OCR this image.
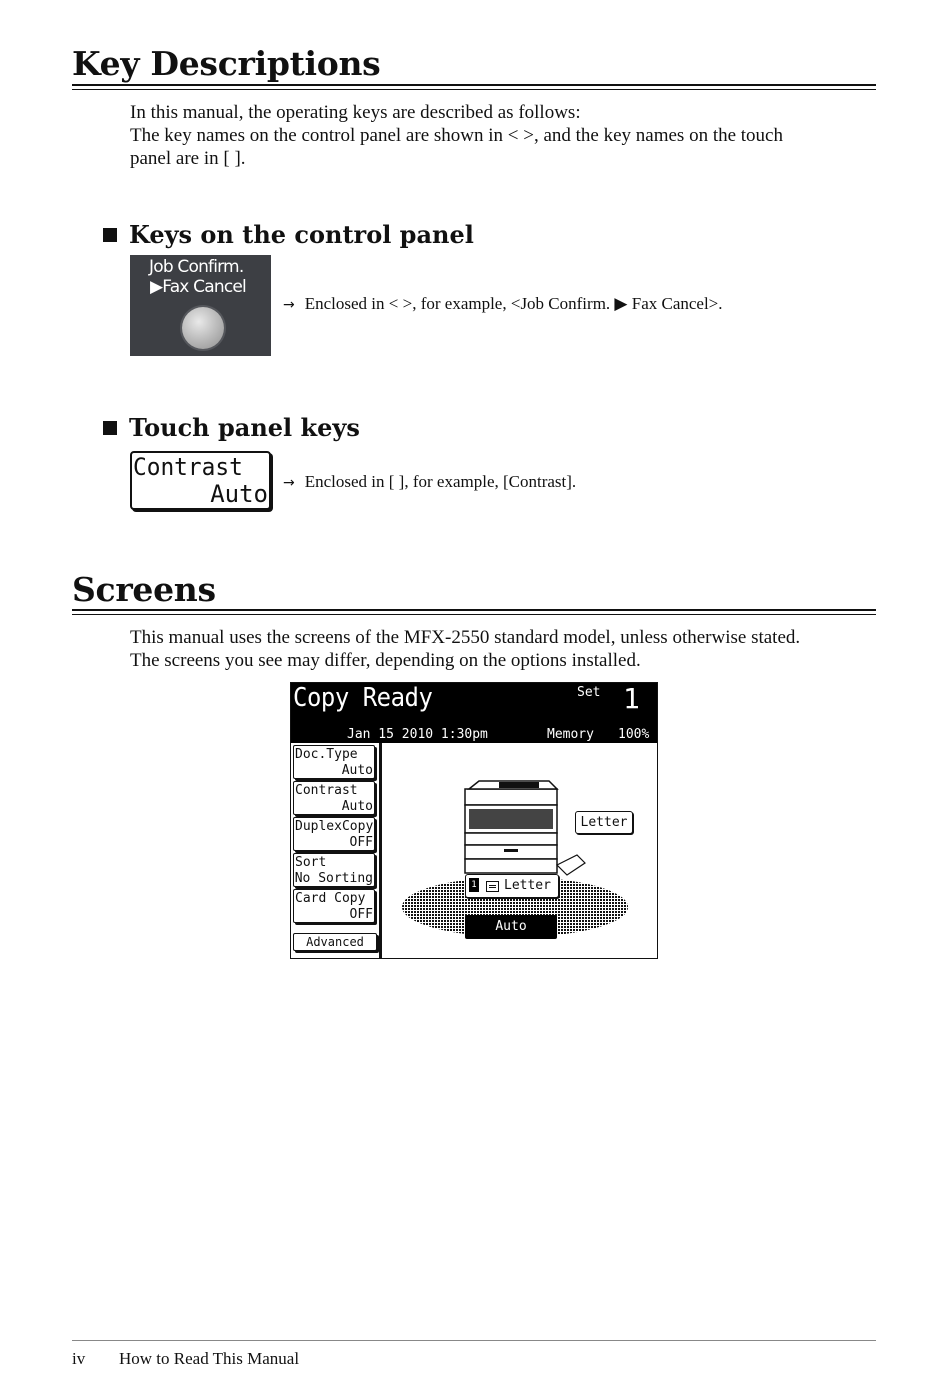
Key Descriptions
In this manual, the operating keys are described as follows:
The key names on the control panel are shown in < >, and the key names on the touch
panel are in [ ].
Keys on the control panel
Job Confirm.
▶Fax Cancel
→ Enclosed in < >, for example, <Job Confirm. ▶ Fax Cancel>.
Touch panel keys
Contrast
Auto → Enclosed in [ ], for example, [Contrast].
Screens
This manual uses the screens of the MFX-2550 standard model, unless otherwise stated.
The screens you see may differ, depending on the options installed.
Copy Ready	Set 1
Jan 15 2010 1:30pm	Memory 100%
Doc.Type
Auto
Contrast
Auto
DuplexCopy
OFF
Sort
No Sorting
Card Copy
OFF
Advanced
Letter
1 Letter
Auto
iv How to Read This Manual
